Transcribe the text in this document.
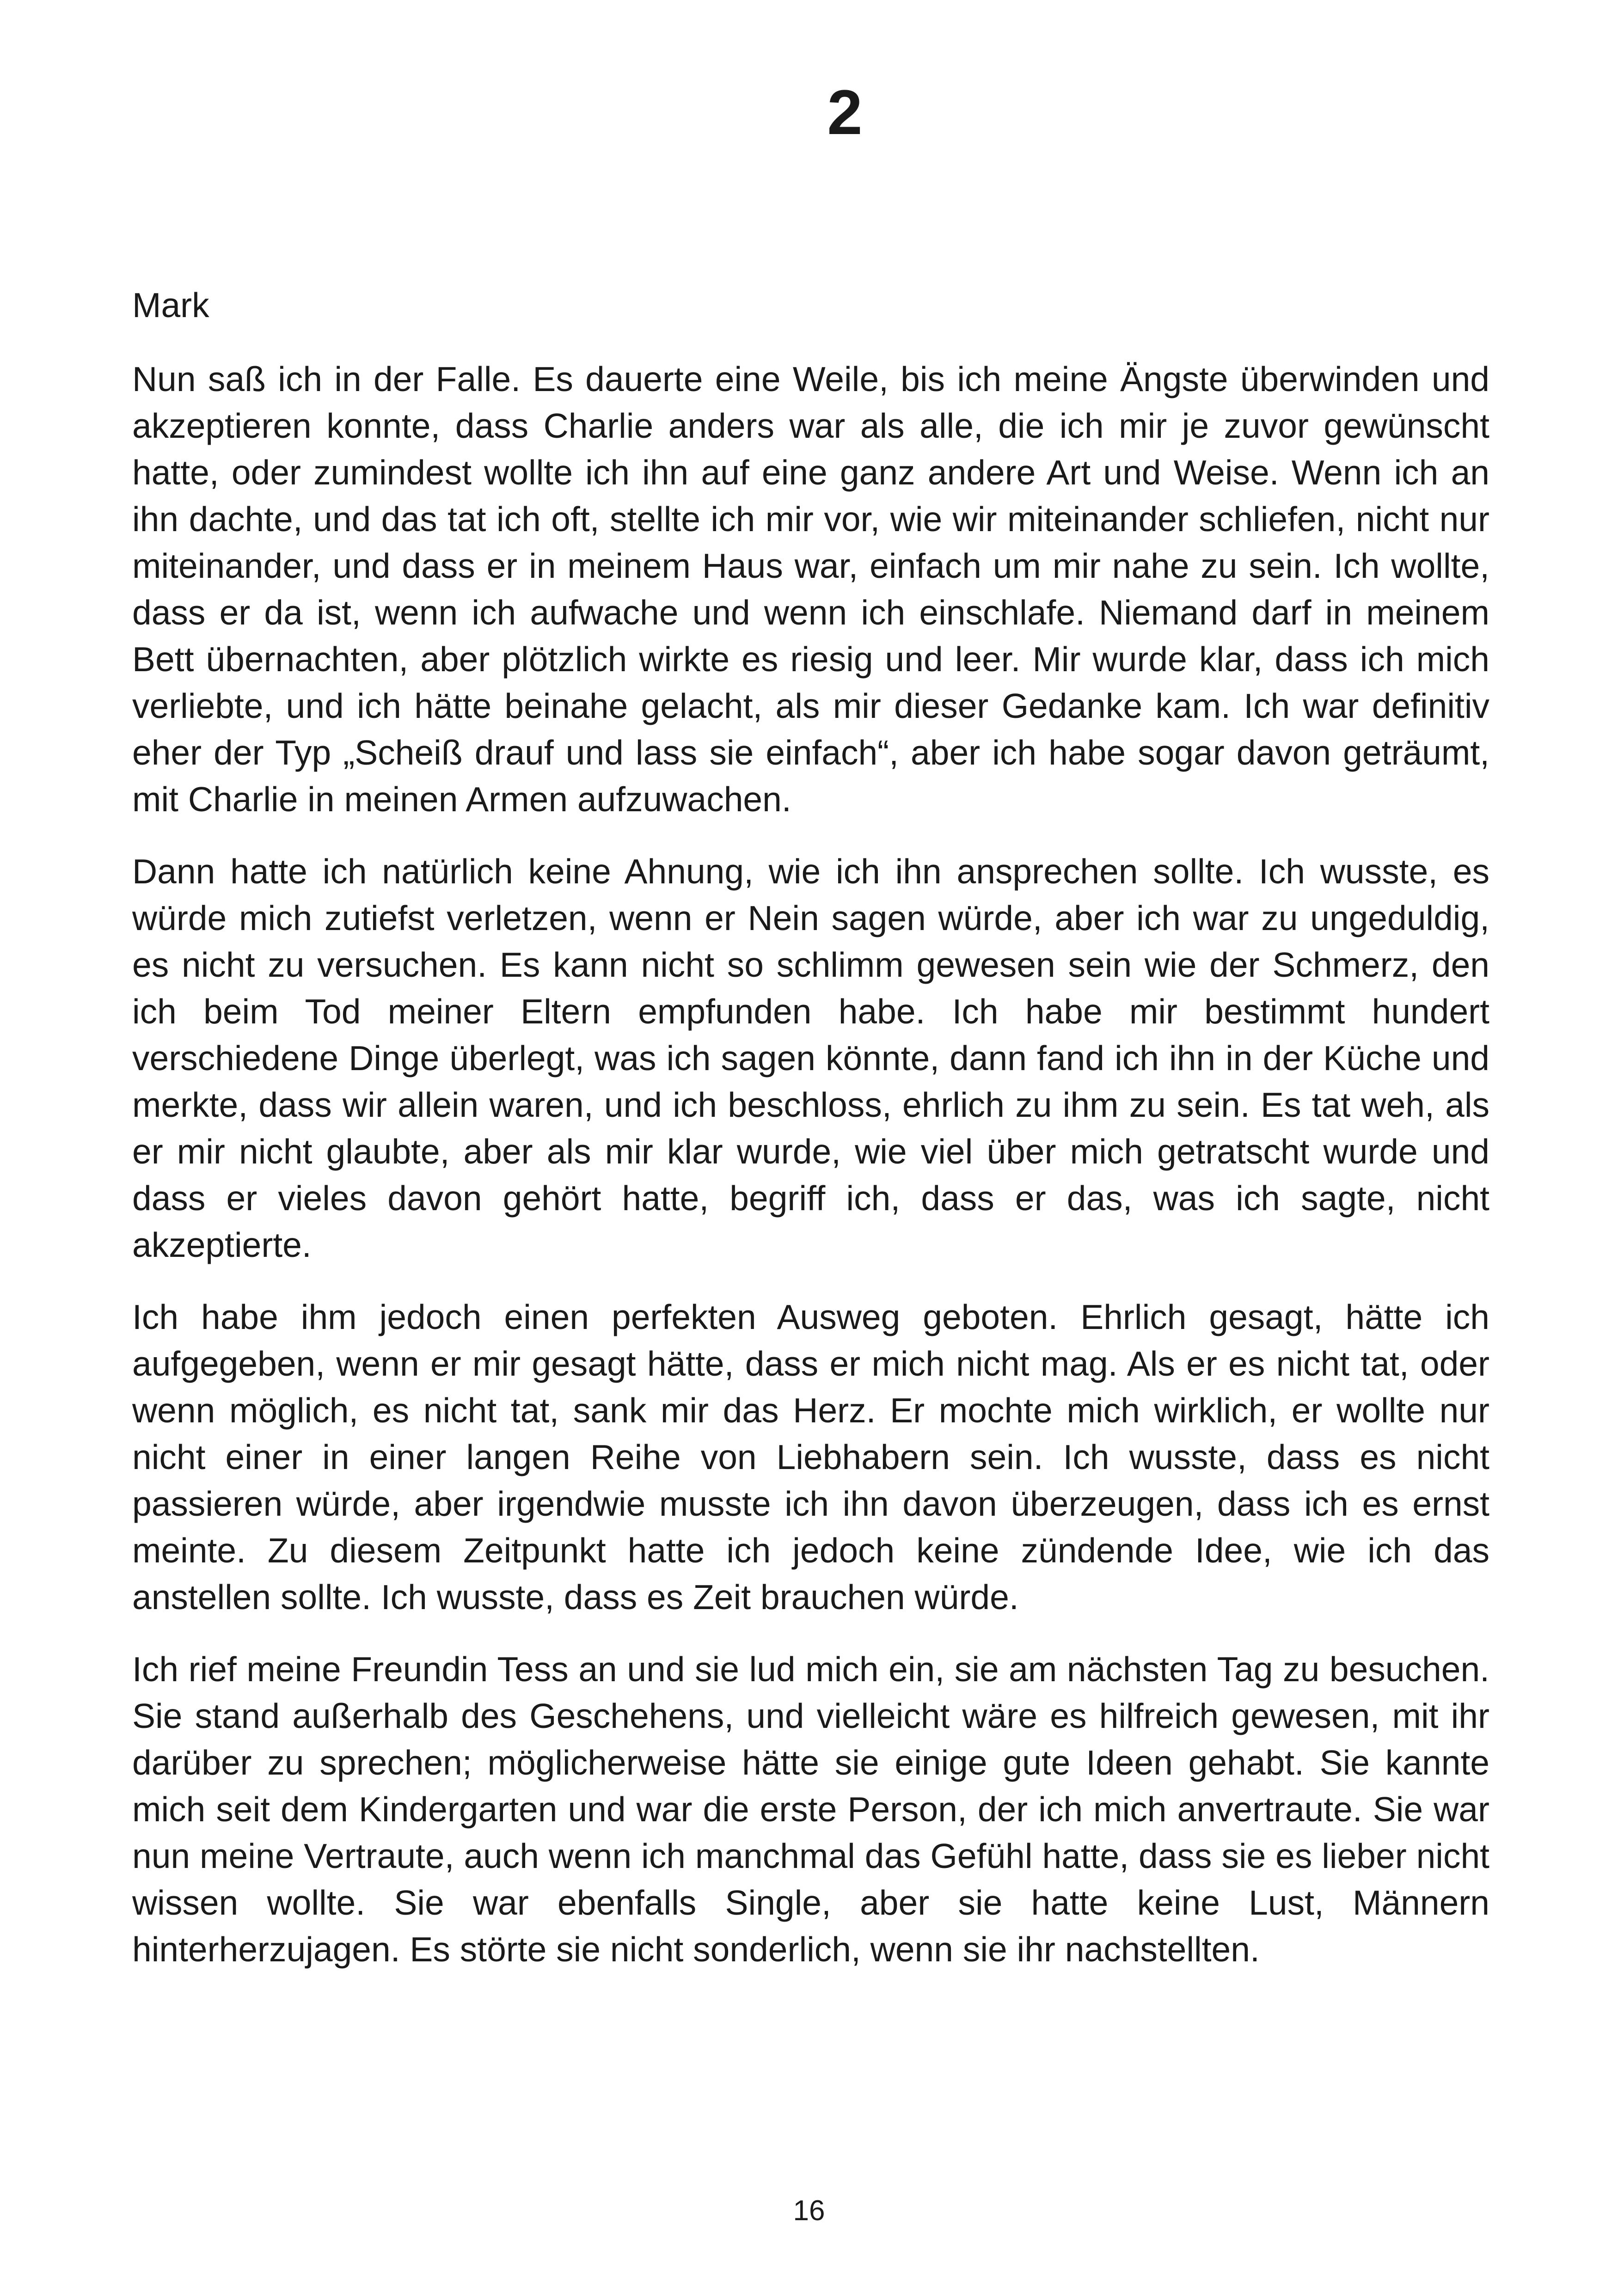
2

Mark

Nun saß ich in der Falle. Es dauerte eine Weile, bis ich meine Ängste überwinden und akzeptieren konnte, dass Charlie anders war als alle, die ich mir je zuvor gewünscht hatte, oder zumindest wollte ich ihn auf eine ganz andere Art und Weise. Wenn ich an ihn dachte, und das tat ich oft, stellte ich mir vor, wie wir miteinander schliefen, nicht nur miteinander, und dass er in meinem Haus war, einfach um mir nahe zu sein. Ich wollte, dass er da ist, wenn ich aufwache und wenn ich einschlafe. Niemand darf in meinem Bett übernachten, aber plötzlich wirkte es riesig und leer. Mir wurde klar, dass ich mich verliebte, und ich hätte beinahe gelacht, als mir dieser Gedanke kam. Ich war definitiv eher der Typ „Scheiß drauf und lass sie einfach“, aber ich habe sogar davon geträumt, mit Charlie in meinen Armen aufzuwachen.

Dann hatte ich natürlich keine Ahnung, wie ich ihn ansprechen sollte. Ich wusste, es würde mich zutiefst verletzen, wenn er Nein sagen würde, aber ich war zu ungeduldig, es nicht zu versuchen. Es kann nicht so schlimm gewesen sein wie der Schmerz, den ich beim Tod meiner Eltern empfunden habe. Ich habe mir bestimmt hundert verschiedene Dinge überlegt, was ich sagen könnte, dann fand ich ihn in der Küche und merkte, dass wir allein waren, und ich beschloss, ehrlich zu ihm zu sein. Es tat weh, als er mir nicht glaubte, aber als mir klar wurde, wie viel über mich getratscht wurde und dass er vieles davon gehört hatte, begriff ich, dass er das, was ich sagte, nicht akzeptierte.

Ich habe ihm jedoch einen perfekten Ausweg geboten. Ehrlich gesagt, hätte ich aufgegeben, wenn er mir gesagt hätte, dass er mich nicht mag. Als er es nicht tat, oder wenn möglich, es nicht tat, sank mir das Herz. Er mochte mich wirklich, er wollte nur nicht einer in einer langen Reihe von Liebhabern sein. Ich wusste, dass es nicht passieren würde, aber irgendwie musste ich ihn davon überzeugen, dass ich es ernst meinte. Zu diesem Zeitpunkt hatte ich jedoch keine zündende Idee, wie ich das anstellen sollte. Ich wusste, dass es Zeit brauchen würde.

Ich rief meine Freundin Tess an und sie lud mich ein, sie am nächsten Tag zu besuchen. Sie stand außerhalb des Geschehens, und vielleicht wäre es hilfreich gewesen, mit ihr darüber zu sprechen; möglicherweise hätte sie einige gute Ideen gehabt. Sie kannte mich seit dem Kindergarten und war die erste Person, der ich mich anvertraute. Sie war nun meine Vertraute, auch wenn ich manchmal das Gefühl hatte, dass sie es lieber nicht wissen wollte. Sie war ebenfalls Single, aber sie hatte keine Lust, Männern hinterherzujagen. Es störte sie nicht sonderlich, wenn sie ihr nachstellten.

16
